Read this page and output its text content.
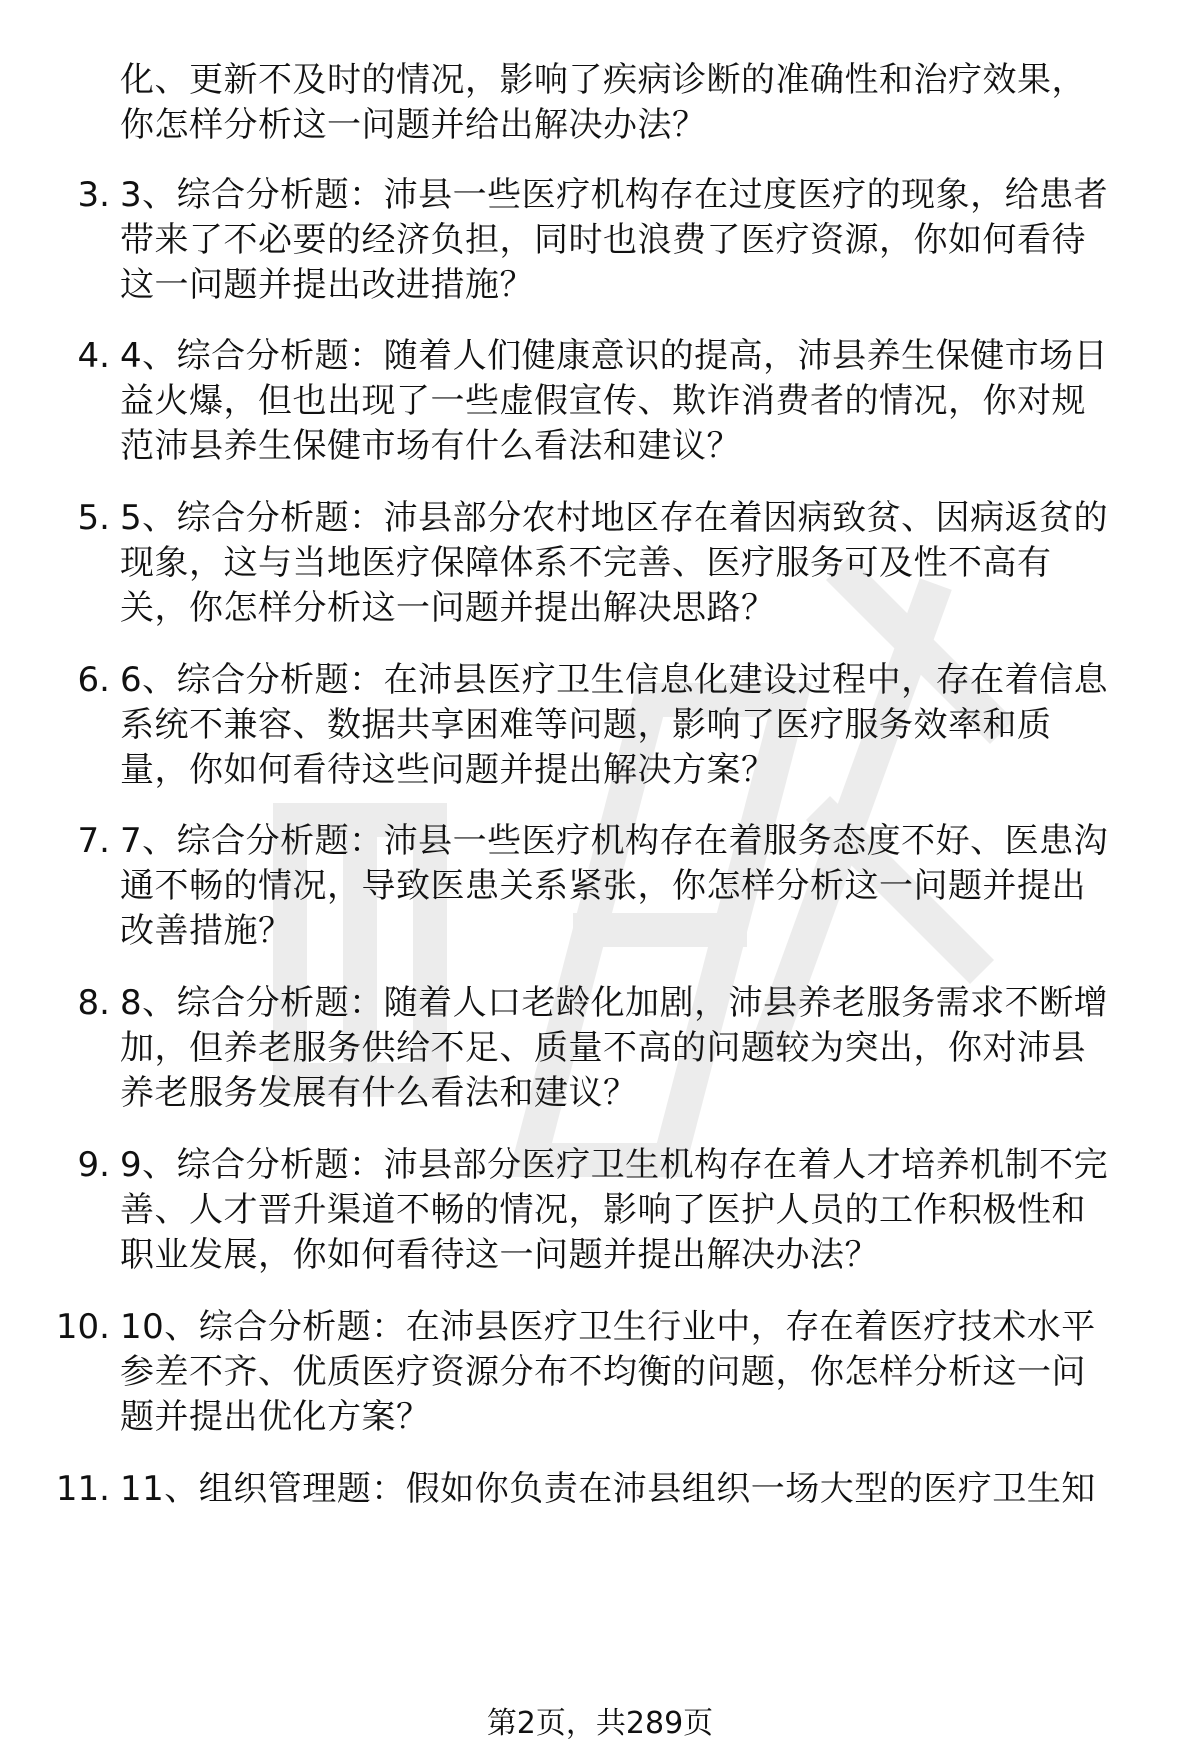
化、更新不及时的情况，影响了疾病诊断的准确性和治疗效果，
你怎样分析这一问题并给出解决办法？
3. 3、综合分析题：沛县一些医疗机构存在过度医疗的现象，给患者
带来了不必要的经济负担，同时也浪费了医疗资源，你如何看待
这一问题并提出改进措施？
4. 4、综合分析题：随着人们健康意识的提高，沛县养生保健市场日
益火爆，但也出现了一些虚假宣传、欺诈消费者的情况，你对规
范沛县养生保健市场有什么看法和建议？
5. 5、综合分析题：沛县部分农村地区存在着因病致贫、因病返贫的
现象，这与当地医疗保障体系不完善、医疗服务可及性不高有
关，你怎样分析这一问题并提出解决思路？
6. 6、综合分析题：在沛县医疗卫生信息化建设过程中，存在着信息
系统不兼容、数据共享困难等问题，影响了医疗服务效率和质
量，你如何看待这些问题并提出解决方案？
7. 7、综合分析题：沛县一些医疗机构存在着服务态度不好、医患沟
通不畅的情况，导致医患关系紧张，你怎样分析这一问题并提出
改善措施？
8. 8、综合分析题：随着人口老龄化加剧，沛县养老服务需求不断增
加，但养老服务供给不足、质量不高的问题较为突出，你对沛县
养老服务发展有什么看法和建议？
9. 9、综合分析题：沛县部分医疗卫生机构存在着人才培养机制不完
善、人才晋升渠道不畅的情况，影响了医护人员的工作积极性和
职业发展，你如何看待这一问题并提出解决办法？
10. 10、综合分析题：在沛县医疗卫生行业中，存在着医疗技术水平
参差不齐、优质医疗资源分布不均衡的问题，你怎样分析这一问
题并提出优化方案？
11. 11、组织管理题：假如你负责在沛县组织一场大型的医疗卫生知
第2页，共289页
